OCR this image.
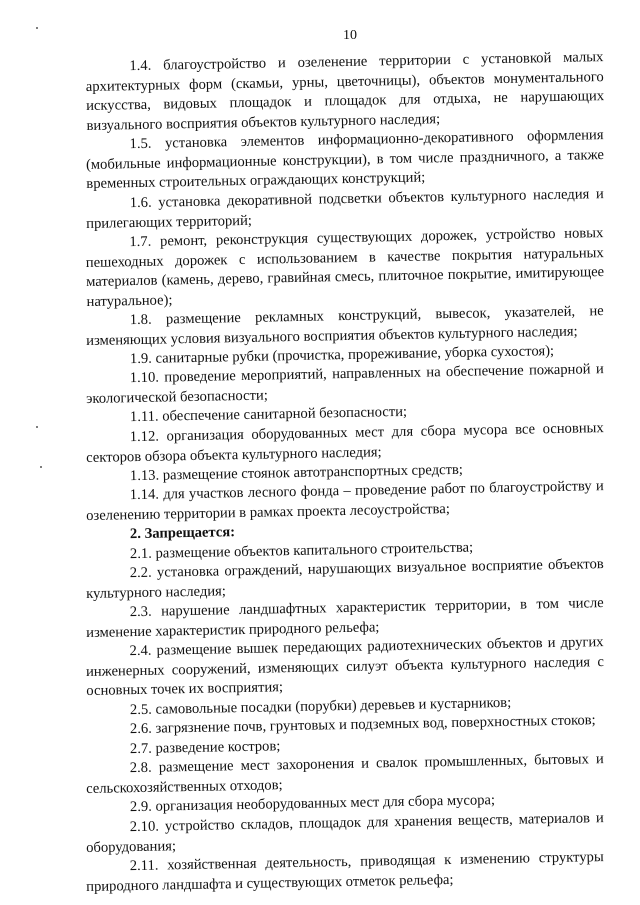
10

1.4. благоустройство и озеленение территории с установкой малых архитектурных форм (скамьи, урны, цветочницы), объектов монументального искусства, видовых площадок и площадок для отдыха, не нарушающих визуального восприятия объектов культурного наследия;

1.5. установка элементов информационно-декоративного оформления (мобильные информационные конструкции), в том числе праздничного, а также временных строительных ограждающих конструкций;

1.6. установка декоративной подсветки объектов культурного наследия и прилегающих территорий;

1.7. ремонт, реконструкция существующих дорожек, устройство новых пешеходных дорожек с использованием в качестве покрытия натуральных материалов (камень, дерево, гравийная смесь, плиточное покрытие, имитирующее натуральное);

1.8. размещение рекламных конструкций, вывесок, указателей, не изменяющих условия визуального восприятия объектов культурного наследия;

1.9. санитарные рубки (прочистка, прореживание, уборка сухостоя);

1.10. проведение мероприятий, направленных на обеспечение пожарной и экологической безопасности;

1.11. обеспечение санитарной безопасности;

1.12. организация оборудованных мест для сбора мусора все основных секторов обзора объекта культурного наследия;

1.13. размещение стоянок автотранспортных средств;

1.14. для участков лесного фонда – проведение работ по благоустройству и озеленению территории в рамках проекта лесоустройства;

2. Запрещается:

2.1. размещение объектов капитального строительства;

2.2. установка ограждений, нарушающих визуальное восприятие объектов культурного наследия;

2.3. нарушение ландшафтных характеристик территории, в том числе изменение характеристик природного рельефа;

2.4. размещение вышек передающих радиотехнических объектов и других инженерных сооружений, изменяющих силуэт объекта культурного наследия с основных точек их восприятия;

2.5. самовольные посадки (порубки) деревьев и кустарников;

2.6. загрязнение почв, грунтовых и подземных вод, поверхностных стоков;

2.7. разведение костров;

2.8. размещение мест захоронения и свалок промышленных, бытовых и сельскохозяйственных отходов;

2.9. организация необорудованных мест для сбора мусора;

2.10. устройство складов, площадок для хранения веществ, материалов и оборудования;

2.11. хозяйственная деятельность, приводящая к изменению структуры природного ландшафта и существующих отметок рельефа;
